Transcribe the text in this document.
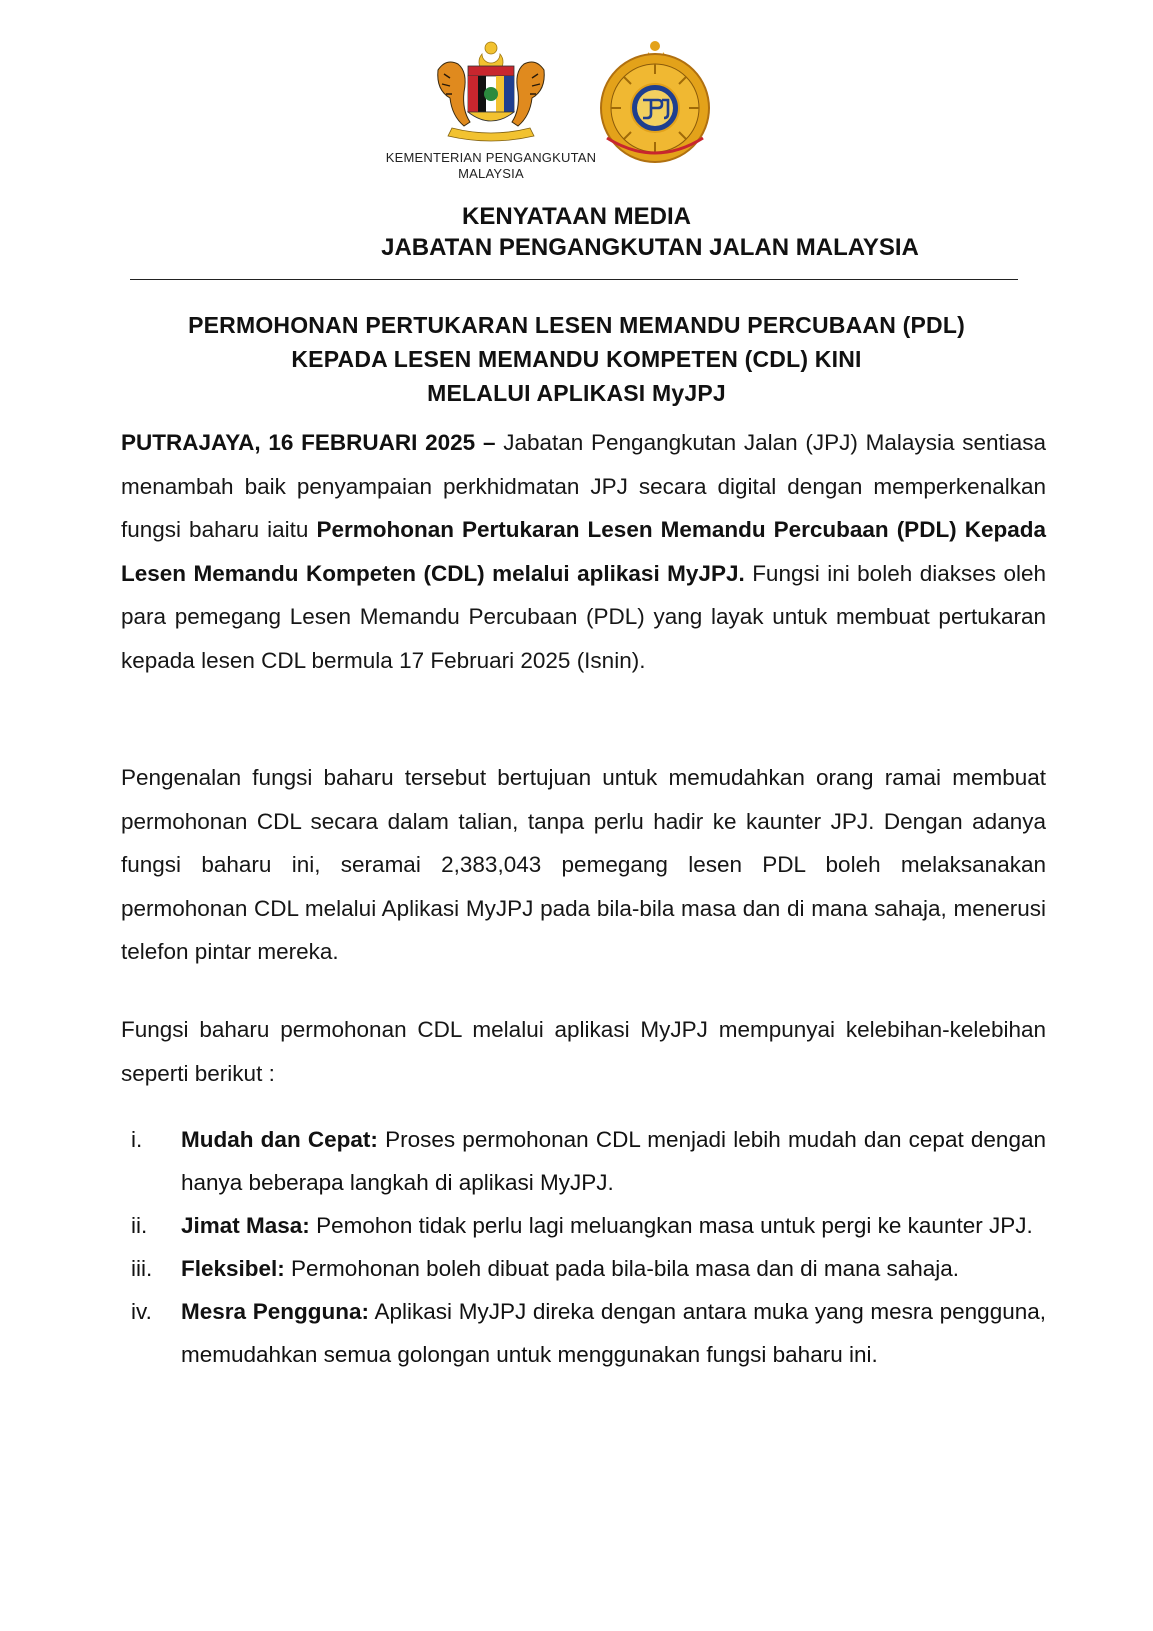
KEMENTERIAN PENGANGKUTAN
MALAYSIA
KENYATAAN MEDIA
JABATAN PENGANGKUTAN JALAN MALAYSIA
PERMOHONAN PERTUKARAN LESEN MEMANDU PERCUBAAN (PDL)
KEPADA LESEN MEMANDU KOMPETEN (CDL) KINI
MELALUI APLIKASI MyJPJ
PUTRAJAYA, 16 FEBRUARI 2025 – Jabatan Pengangkutan Jalan (JPJ) Malaysia sentiasa menambah baik penyampaian perkhidmatan JPJ secara digital dengan memperkenalkan fungsi baharu iaitu Permohonan Pertukaran Lesen Memandu Percubaan (PDL) Kepada Lesen Memandu Kompeten (CDL) melalui aplikasi MyJPJ. Fungsi ini boleh diakses oleh para pemegang Lesen Memandu Percubaan (PDL) yang layak untuk membuat pertukaran kepada lesen CDL bermula 17 Februari 2025 (Isnin).
Pengenalan fungsi baharu tersebut bertujuan untuk memudahkan orang ramai membuat permohonan CDL secara dalam talian, tanpa perlu hadir ke kaunter JPJ. Dengan adanya fungsi baharu ini, seramai 2,383,043 pemegang lesen PDL boleh melaksanakan permohonan CDL melalui Aplikasi MyJPJ pada bila-bila masa dan di mana sahaja, menerusi telefon pintar mereka.
Fungsi baharu permohonan CDL melalui aplikasi MyJPJ mempunyai kelebihan-kelebihan seperti berikut :
i.	Mudah dan Cepat: Proses permohonan CDL menjadi lebih mudah dan cepat dengan hanya beberapa langkah di aplikasi MyJPJ.
ii.	Jimat Masa: Pemohon tidak perlu lagi meluangkan masa untuk pergi ke kaunter JPJ.
iii.	Fleksibel: Permohonan boleh dibuat pada bila-bila masa dan di mana sahaja.
iv.	Mesra Pengguna: Aplikasi MyJPJ direka dengan antara muka yang mesra pengguna, memudahkan semua golongan untuk menggunakan fungsi baharu ini.
